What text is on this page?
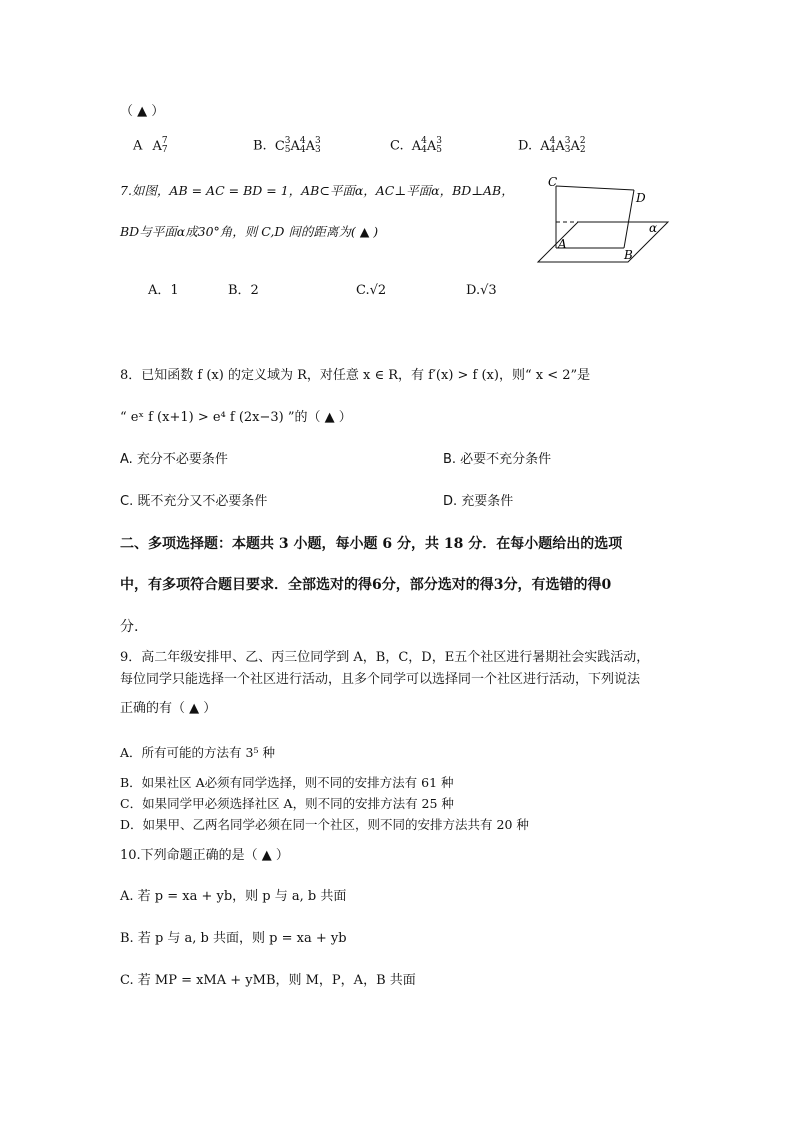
（ ▲ ）
A A 7
7	B. C 3
5 A 4
4 A 3
3	C. A 4
4 A 3
5	D. A 4
4 A 3
3 A 2
2
7.如图，AB = AC = BD = 1，AB⊂平面α，AC⊥平面α，BD⊥AB，
BD与平面α成30°角，则 C,D 间的距离为( ▲ )
A．1	B．2	C.√2	D.√3
C
D
α
A
B
8．已知函数 f (x) 的定义域为 R，对任意 x ∈ R，有 f′(x) > f (x)，则“ x < 2”是
“ eˣ f (x+1) > e⁴ f (2x−3) ”的（ ▲ ）
A. 充分不必要条件	B. 必要不充分条件
C. 既不充分又不必要条件	D. 充要条件
二、多项选择题：本题共 3 小题，每小题 6 分，共 18 分．在每小题给出的选项
中，有多项符合题目要求．全部选对的得6分，部分选对的得3分，有选错的得0
分.
9．高二年级安排甲、乙、丙三位同学到 A，B，C，D，E五个社区进行暑期社会实践活动，
每位同学只能选择一个社区进行活动，且多个同学可以选择同一个社区进行活动，下列说法
正确的有（ ▲ ）
A．所有可能的方法有 3⁵ 种
B．如果社区 A必须有同学选择，则不同的安排方法有 61 种
C．如果同学甲必须选择社区 A，则不同的安排方法有 25 种
D．如果甲、乙两名同学必须在同一个社区，则不同的安排方法共有 20 种
10.下列命题正确的是（ ▲ ）
A. 若 p = xa + yb，则 p 与 a, b 共面
B. 若 p 与 a, b 共面，则 p = xa + yb
C. 若 MP = xMA + yMB，则 M，P，A，B 共面
